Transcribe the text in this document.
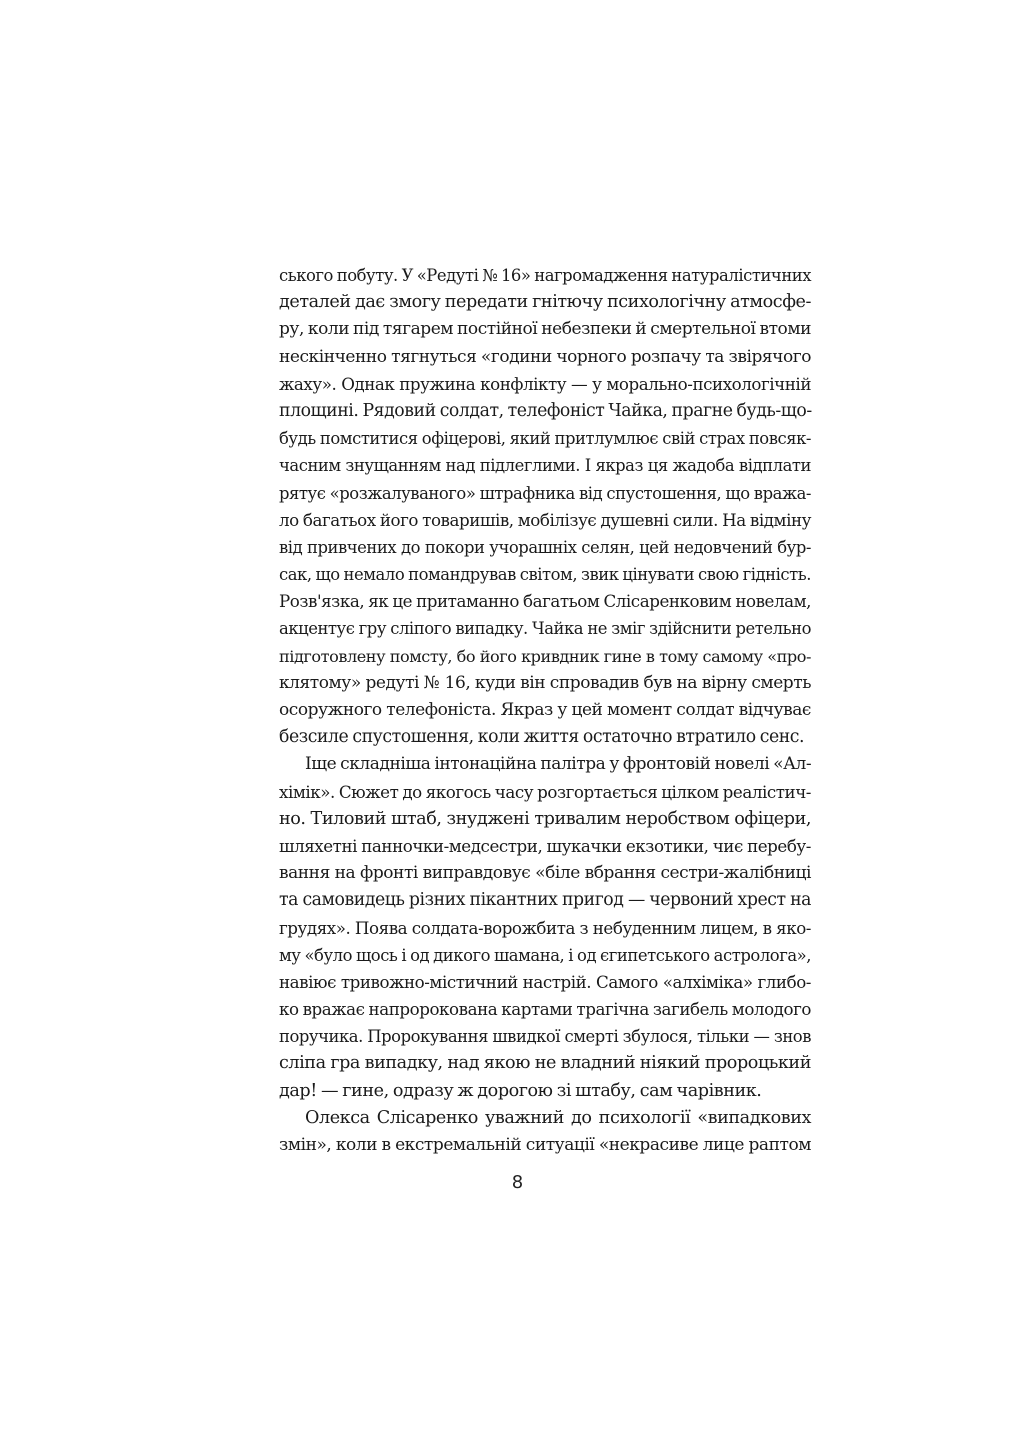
ського побуту. У «Редуті № 16» нагромадження натуралістичних
деталей дає змогу передати гнітючу психологічну атмосфе-
ру, коли під тягарем постійної небезпеки й смертельної втоми
нескінченно тягнуться «години чорного розпачу та звірячого
жаху». Однак пружина конфлікту — у морально-психологічній
площині. Рядовий солдат, телефоніст Чайка, прагне будь-що-
будь помститися офіцерові, який притлумлює свій страх повсяк-
часним знущанням над підлеглими. І якраз ця жадоба відплати
рятує «розжалуваного» штрафника від спустошення, що вража-
ло багатьох його товаришів, мобілізує душевні сили. На відміну
від привчених до покори учорашніх селян, цей недовчений бур-
сак, що немало помандрував світом, звик цінувати свою гідність.
Розв'язка, як це притаманно багатьом Слісаренковим новелам,
акцентує гру сліпого випадку. Чайка не зміг здійснити ретельно
підготовлену помсту, бо його кривдник гине в тому самому «про-
клятому» редуті № 16, куди він спровадив був на вірну смерть
осоружного телефоніста. Якраз у цей момент солдат відчуває
безсиле спустошення, коли життя остаточно втратило сенс.
Іще складніша інтонаційна палітра у фронтовій новелі «Ал-
хімік». Сюжет до якогось часу розгортається цілком реалістич-
но. Тиловий штаб, знуджені тривалим неробством офіцери,
шляхетні панночки-медсестри, шукачки екзотики, чиє перебу-
вання на фронті виправдовує «біле вбрання сестри-жалібниці
та самовидець різних пікантних пригод — червоний хрест на
грудях». Поява солдата-ворожбита з небуденним лицем, в яко-
му «було щось і од дикого шамана, і од єгипетського астролога»,
навіює тривожно-містичний настрій. Самого «алхіміка» глибо-
ко вражає напророкована картами трагічна загибель молодого
поручика. Пророкування швидкої смерті збулося, тільки — знов
сліпа гра випадку, над якою не владний ніякий пророцький
дар! — гине, одразу ж дорогою зі штабу, сам чарівник.
Олекса Слісаренко уважний до психології «випадкових
змін», коли в екстремальній ситуації «некрасиве лице раптом
8
